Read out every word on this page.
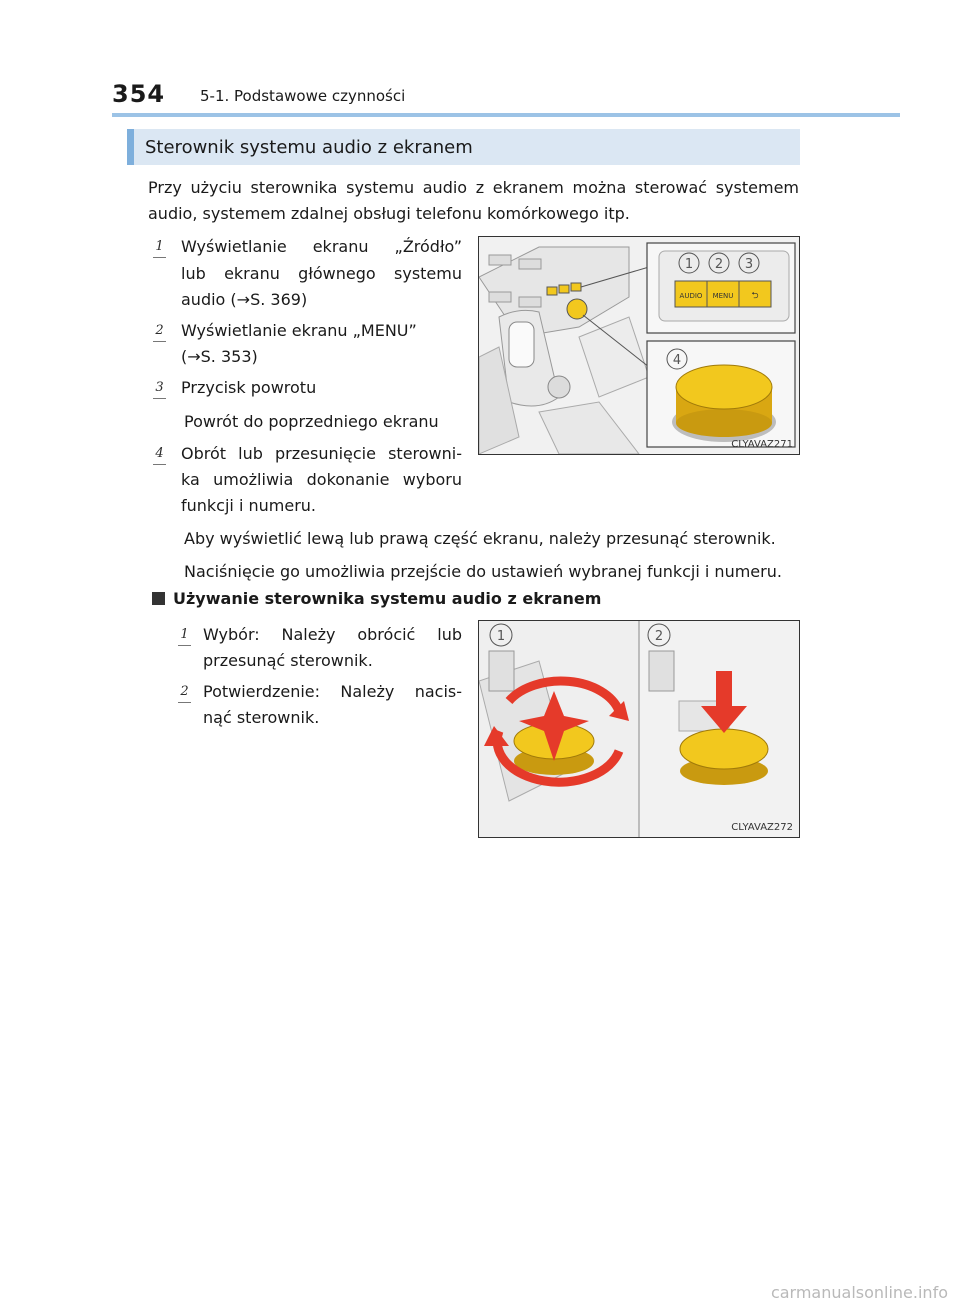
354 5-1. Podstawowe czynności
Sterownik systemu audio z ekranem
Przy użyciu sterownika systemu audio z ekranem można sterować systemem
audio, systemem zdalnej obsługi telefonu komórkowego itp.
1 Wyświetlanie ekranu „Źródło”
lub ekranu głównego systemu
audio (→S. 369)
2 Wyświetlanie ekranu „MENU”
(→S. 353)
3 Przycisk powrotu
Powrót do poprzedniego ekranu
4 Obrót lub przesunięcie sterowni-
ka umożliwia dokonanie wyboru
funkcji i numeru.
Aby wyświetlić lewą lub prawą część ekranu, należy przesunąć sterownik.
Naciśnięcie go umożliwia przejście do ustawień wybranej funkcji i numeru.
Używanie sterownika systemu audio z ekranem
1 Wybór: Należy obrócić lub
przesunąć sterownik.
2 Potwierdzenie: Należy nacis-
nąć sterownik.
1 2 3
AUDIO MENU ⮌
4
CLYAVAZ271
1	2
CLYAVAZ272
carmanualsonline.info
